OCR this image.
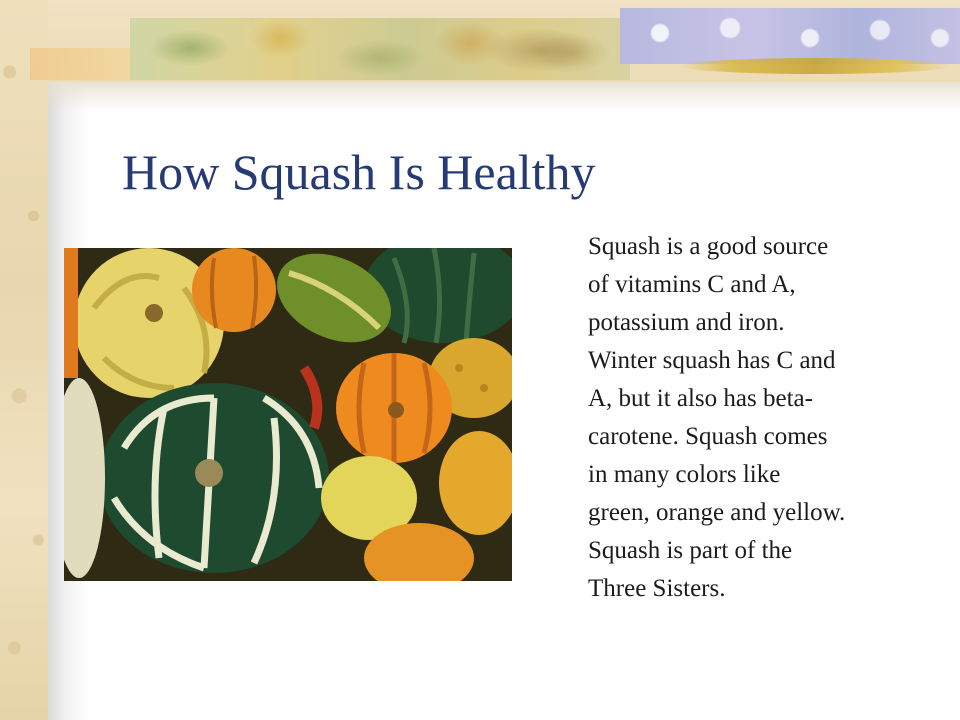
How Squash Is Healthy

Squash is a good source
of vitamins C and A,
potassium and iron.
Winter squash has C and
A, but it also has beta-
carotene. Squash comes
in many colors like
green, orange and yellow.
Squash is part of the
Three Sisters.
